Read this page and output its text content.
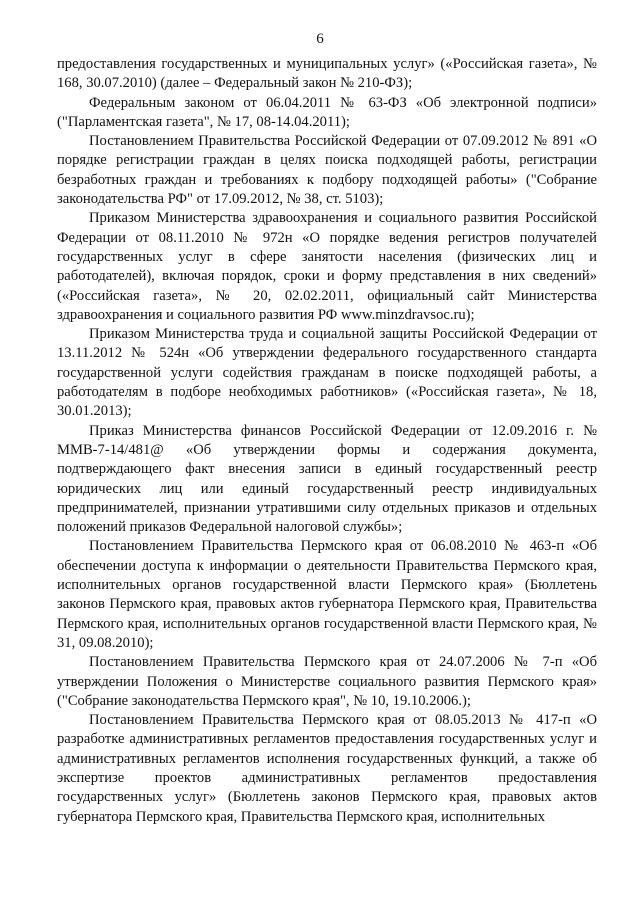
6

предоставления государственных и муниципальных услуг» («Российская газета», № 168, 30.07.2010) (далее – Федеральный закон № 210-ФЗ);

Федеральным законом от 06.04.2011 № 63-ФЗ «Об электронной подписи» ("Парламентская газета", № 17, 08-14.04.2011);

Постановлением Правительства Российской Федерации от 07.09.2012 № 891 «О порядке регистрации граждан в целях поиска подходящей работы, регистрации безработных граждан и требованиях к подбору подходящей работы» ("Собрание законодательства РФ" от 17.09.2012, № 38, ст. 5103);

Приказом Министерства здравоохранения и социального развития Российской Федерации от 08.11.2010 № 972н «О порядке ведения регистров получателей государственных услуг в сфере занятости населения (физических лиц и работодателей), включая порядок, сроки и форму представления в них сведений» («Российская газета», № 20, 02.02.2011, официальный сайт Министерства здравоохранения и социального развития РФ www.minzdravsoc.ru);

Приказом Министерства труда и социальной защиты Российской Федерации от 13.11.2012 № 524н «Об утверждении федерального государственного стандарта государственной услуги содействия гражданам в поиске подходящей работы, а работодателям в подборе необходимых работников» («Российская газета», № 18, 30.01.2013);

Приказ Министерства финансов Российской Федерации от 12.09.2016 г. № ММВ-7-14/481@ «Об утверждении формы и содержания документа, подтверждающего факт внесения записи в единый государственный реестр юридических лиц или единый государственный реестр индивидуальных предпринимателей, признании утратившими силу отдельных приказов и отдельных положений приказов Федеральной налоговой службы»;

Постановлением Правительства Пермского края от 06.08.2010 № 463-п «Об обеспечении доступа к информации о деятельности Правительства Пермского края, исполнительных органов государственной власти Пермского края» (Бюллетень законов Пермского края, правовых актов губернатора Пермского края, Правительства Пермского края, исполнительных органов государственной власти Пермского края, № 31, 09.08.2010);

Постановлением Правительства Пермского края от 24.07.2006 № 7-п «Об утверждении Положения о Министерстве социального развития Пермского края» ("Собрание законодательства Пермского края", № 10, 19.10.2006.);

Постановлением Правительства Пермского края от 08.05.2013 № 417-п «О разработке административных регламентов предоставления государственных услуг и административных регламентов исполнения государственных функций, а также об экспертизе проектов административных регламентов предоставления государственных услуг» (Бюллетень законов Пермского края, правовых актов губернатора Пермского края, Правительства Пермского края, исполнительных
